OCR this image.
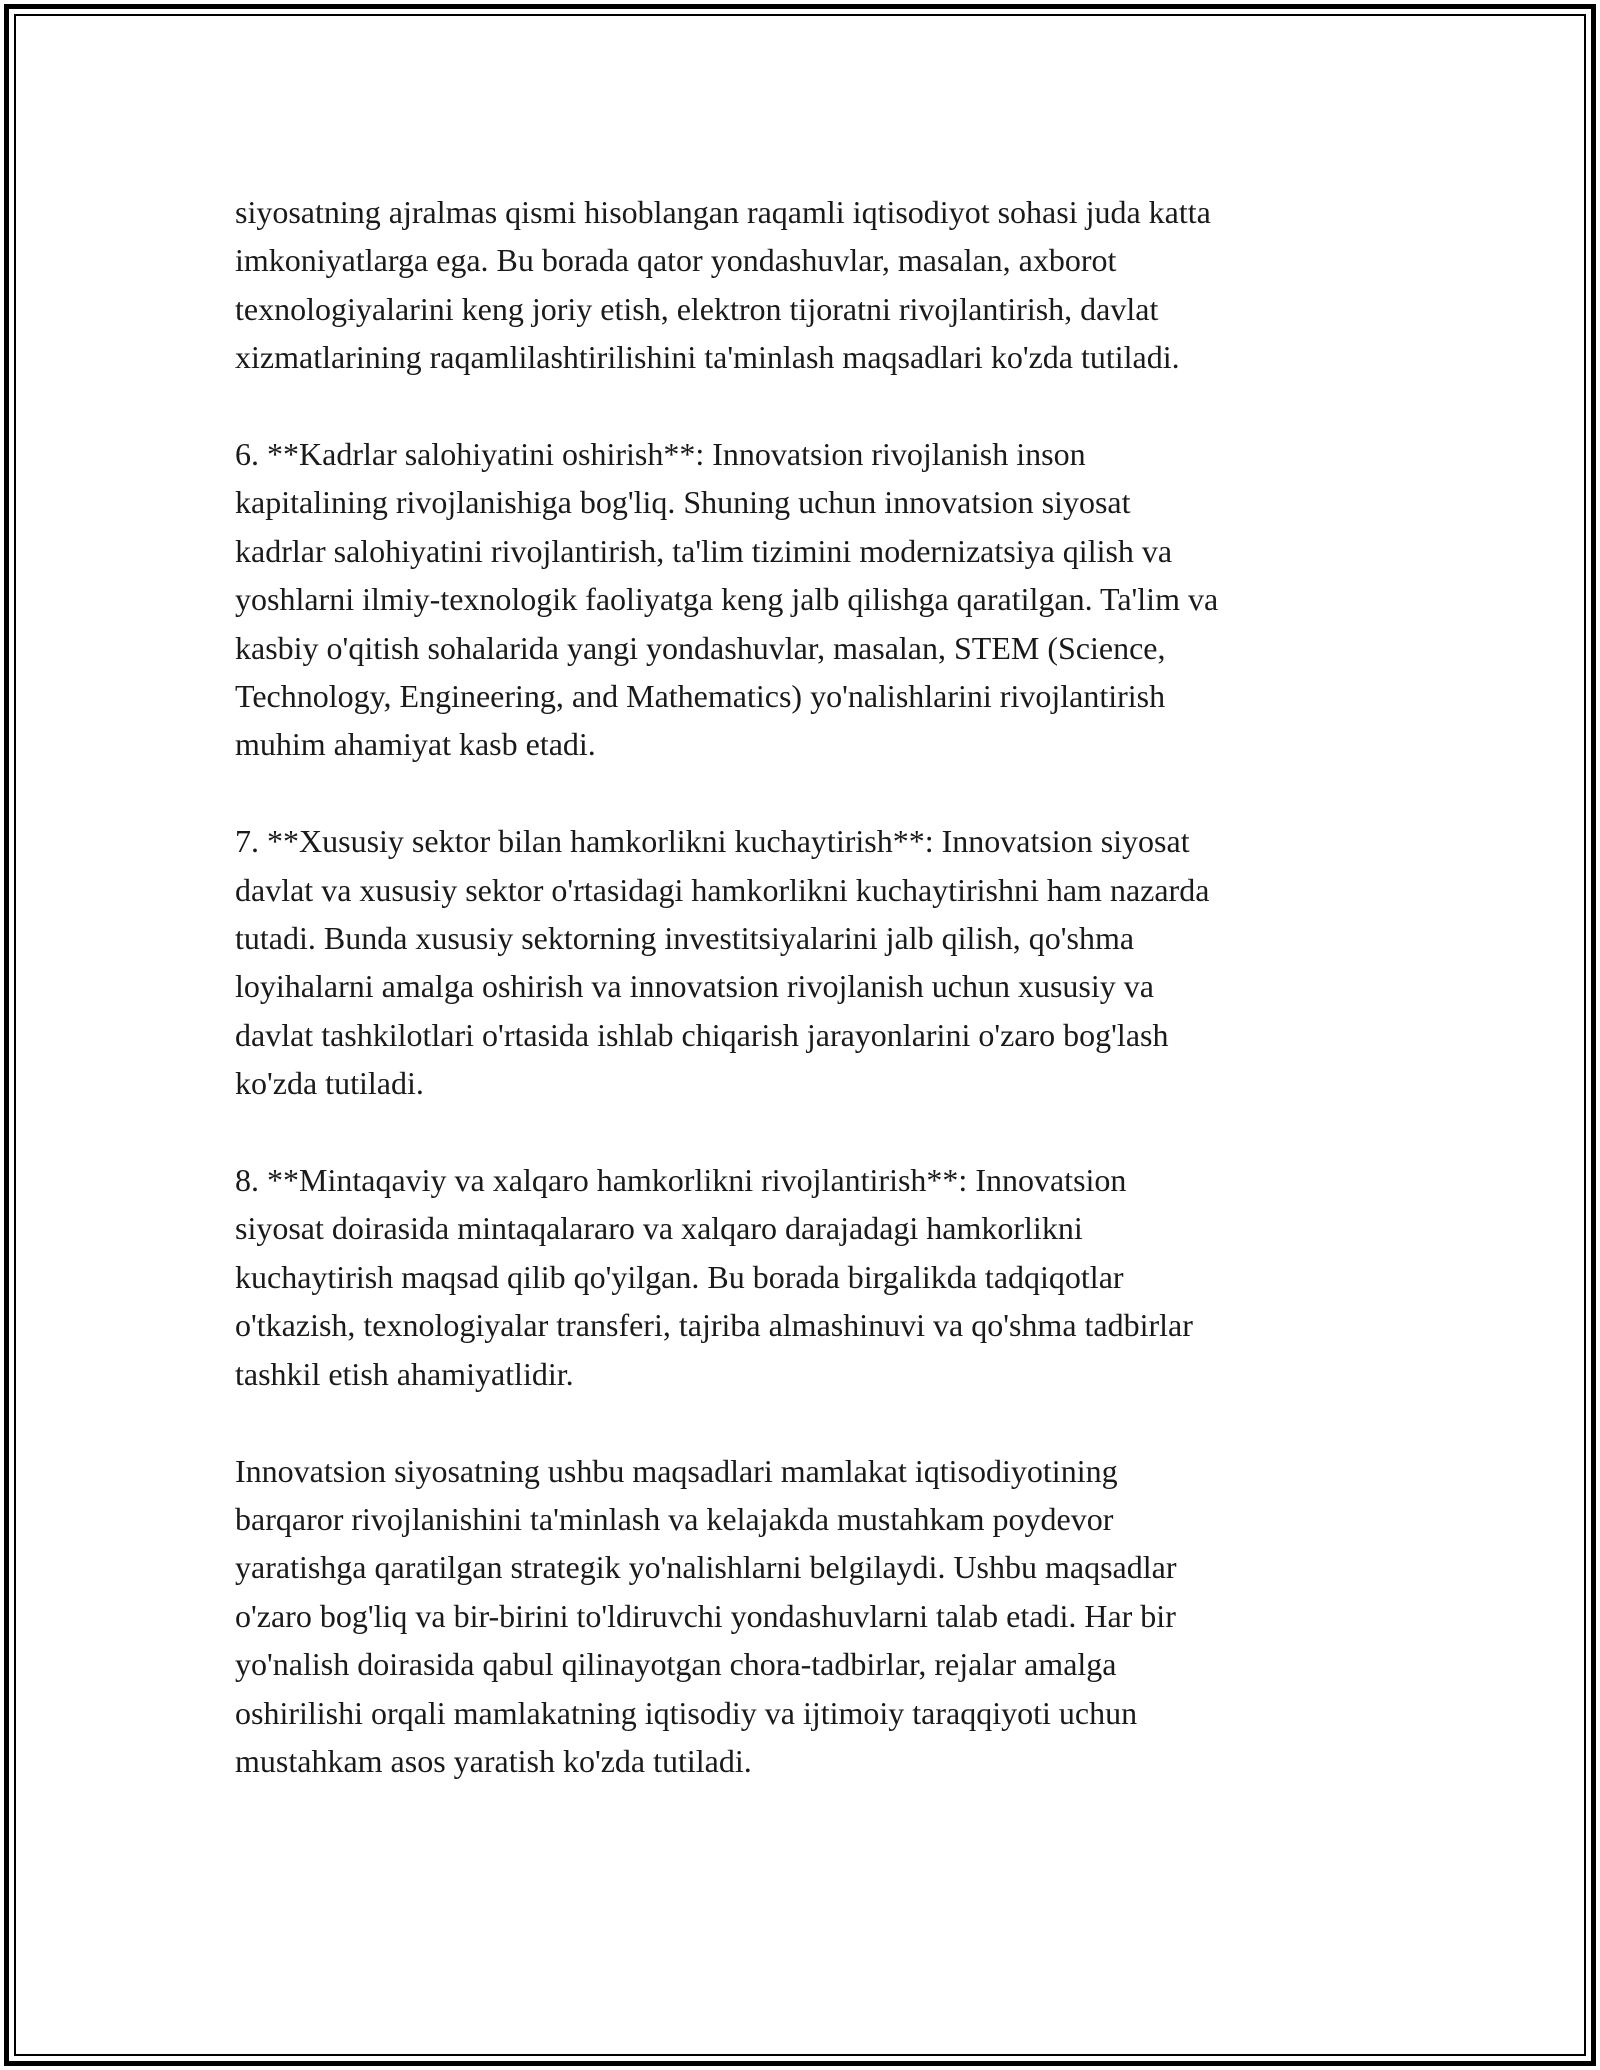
siyosatning ajralmas qismi hisoblangan raqamli iqtisodiyot sohasi juda katta
imkoniyatlarga ega. Bu borada qator yondashuvlar, masalan, axborot
texnologiyalarini keng joriy etish, elektron tijoratni rivojlantirish, davlat
xizmatlarining raqamlilashtirilishini ta'minlash maqsadlari ko'zda tutiladi.

6. **Kadrlar salohiyatini oshirish**: Innovatsion rivojlanish inson
kapitalining rivojlanishiga bog'liq. Shuning uchun innovatsion siyosat
kadrlar salohiyatini rivojlantirish, ta'lim tizimini modernizatsiya qilish va
yoshlarni ilmiy-texnologik faoliyatga keng jalb qilishga qaratilgan. Ta'lim va
kasbiy o'qitish sohalarida yangi yondashuvlar, masalan, STEM (Science,
Technology, Engineering, and Mathematics) yo'nalishlarini rivojlantirish
muhim ahamiyat kasb etadi.

7. **Xususiy sektor bilan hamkorlikni kuchaytirish**: Innovatsion siyosat
davlat va xususiy sektor o'rtasidagi hamkorlikni kuchaytirishni ham nazarda
tutadi. Bunda xususiy sektorning investitsiyalarini jalb qilish, qo'shma
loyihalarni amalga oshirish va innovatsion rivojlanish uchun xususiy va
davlat tashkilotlari o'rtasida ishlab chiqarish jarayonlarini o'zaro bog'lash
ko'zda tutiladi.

8. **Mintaqaviy va xalqaro hamkorlikni rivojlantirish**: Innovatsion
siyosat doirasida mintaqalararo va xalqaro darajadagi hamkorlikni
kuchaytirish maqsad qilib qo'yilgan. Bu borada birgalikda tadqiqotlar
o'tkazish, texnologiyalar transferi, tajriba almashinuvi va qo'shma tadbirlar
tashkil etish ahamiyatlidir.

Innovatsion siyosatning ushbu maqsadlari mamlakat iqtisodiyotining
barqaror rivojlanishini ta'minlash va kelajakda mustahkam poydevor
yaratishga qaratilgan strategik yo'nalishlarni belgilaydi. Ushbu maqsadlar
o'zaro bog'liq va bir-birini to'ldiruvchi yondashuvlarni talab etadi. Har bir
yo'nalish doirasida qabul qilinayotgan chora-tadbirlar, rejalar amalga
oshirilishi orqali mamlakatning iqtisodiy va ijtimoiy taraqqiyoti uchun
mustahkam asos yaratish ko'zda tutiladi.
